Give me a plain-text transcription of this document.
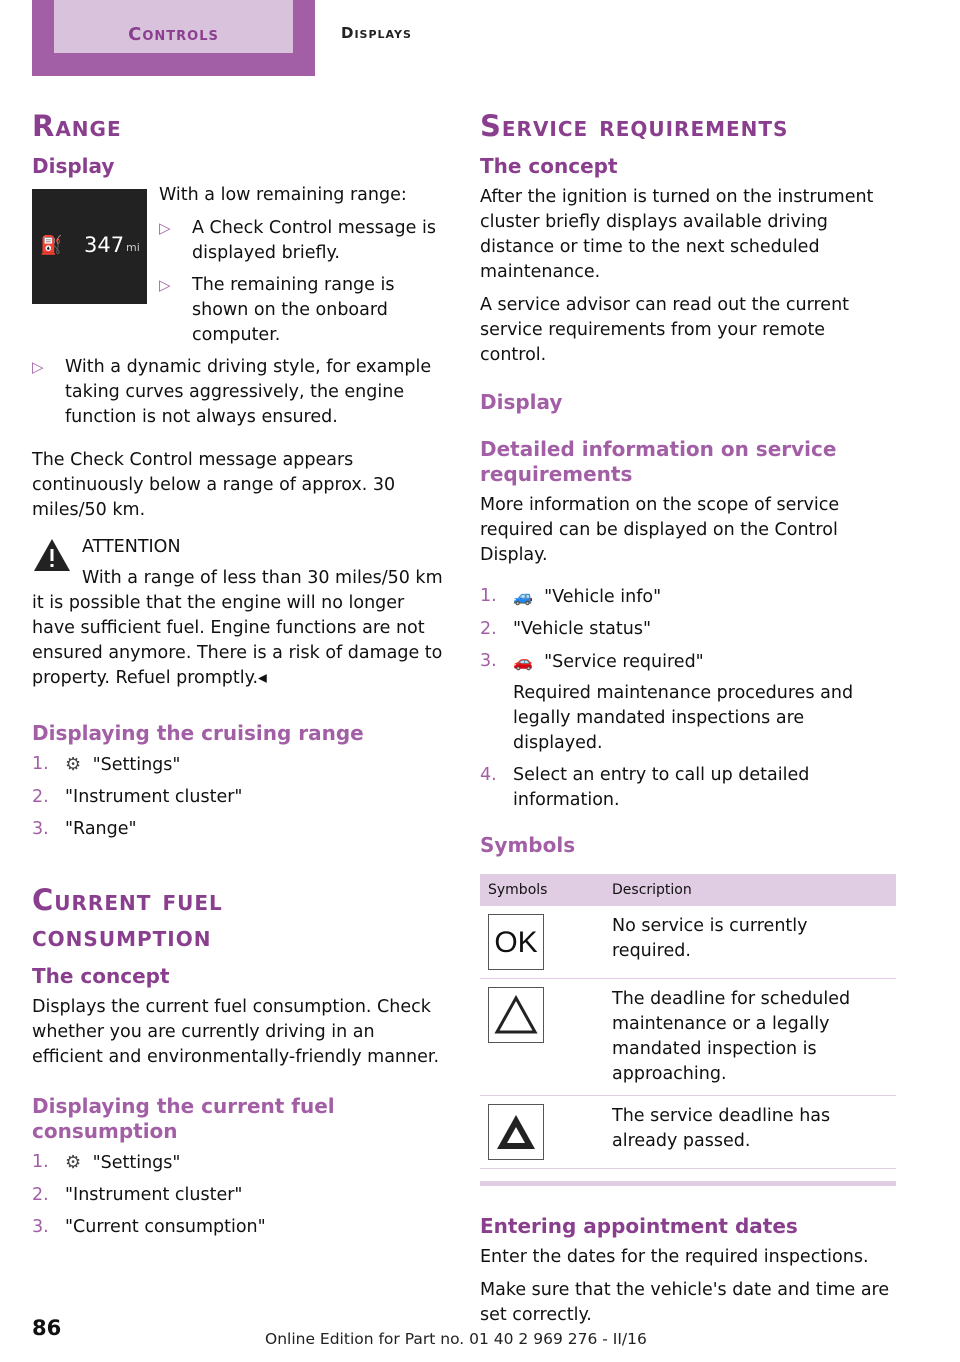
Controls	Displays
Range
Display
⛽ 347 mi

With a low remaining range:

▷ A Check Control message is displayed briefly.
▷ The remaining range is shown on the onboard computer.
▷ With a dynamic driving style, for example taking curves aggressively, the engine function is not always ensured.

The Check Control message appears continuously below a range of approx. 30 miles/50 km.

ATTENTION
With a range of less than 30 miles/50 km it is possible that the engine will no longer have sufficient fuel. Engine functions are not ensured anymore. There is a risk of damage to property. Refuel promptly.◂
Displaying the cruising range
1. ⚙ "Settings"
2. "Instrument cluster"
3. "Range"
Current fuel consumption
The concept

Displays the current fuel consumption. Check whether you are currently driving in an efficient and environmentally-friendly manner.

Displaying the current fuel consumption
1. ⚙ "Settings"
2. "Instrument cluster"
3. "Current consumption"
Service requirements
The concept

After the ignition is turned on the instrument cluster briefly displays available driving distance or time to the next scheduled maintenance.

A service advisor can read out the current service requirements from your remote control.

Display
Detailed information on service requirements

More information on the scope of service required can be displayed on the Control Display.

1. 🚙 "Vehicle info"
2. "Vehicle status"
3. 🚗 "Service required"
Required maintenance procedures and legally mandated inspections are displayed.
4. Select an entry to call up detailed information.
Symbols
Symbols	Description

OK	No service is currently required.

	The deadline for scheduled maintenance or a legally mandated inspection is approaching.

	The service deadline has already passed.
Entering appointment dates

Enter the dates for the required inspections.

Make sure that the vehicle's date and time are set correctly.

86	Online Edition for Part no. 01 40 2 969 276 - II/16
